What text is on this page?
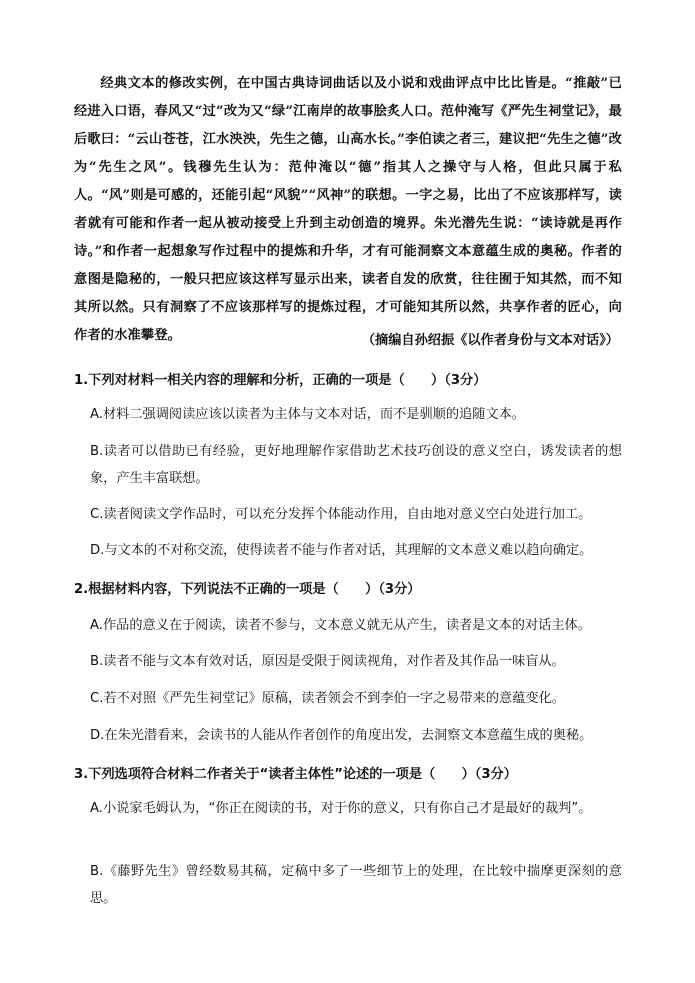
经典文本的修改实例，在中国古典诗词曲话以及小说和戏曲评点中比比皆是。“推敲”已经进入口语，春风又“过”改为又“绿”江南岸的故事脍炙人口。范仲淹写《严先生祠堂记》，最后歌曰：“云山苍苍，江水泱泱，先生之德，山高水长。”李伯读之者三，建议把“先生之德”改为“先生之风”。钱穆先生认为：范仲淹以“德”指其人之操守与人格，但此只属于私人。“风”则是可感的，还能引起“风貌”“风神”的联想。一字之易，比出了不应该那样写，读者就有可能和作者一起从被动接受上升到主动创造的境界。朱光潜先生说：“读诗就是再作诗。”和作者一起想象写作过程中的提炼和升华，才有可能洞察文本意蕴生成的奥秘。作者的意图是隐秘的，一般只把应该这样写显示出来，读者自发的欣赏，往往囿于知其然，而不知其所以然。只有洞察了不应该那样写的提炼过程，才可能知其所以然，共享作者的匠心，向作者的水准攀登。	（摘编自孙绍振《以作者身份与文本对话》）

1.下列对材料一相关内容的理解和分析，正确的一项是（　　）（3分）

A.材料二强调阅读应该以读者为主体与文本对话，而不是驯顺的追随文本。

B.读者可以借助已有经验，更好地理解作家借助艺术技巧创设的意义空白，诱发读者的想象，产生丰富联想。

C.读者阅读文学作品时，可以充分发挥个体能动作用，自由地对意义空白处进行加工。

D.与文本的不对称交流，使得读者不能与作者对话，其理解的文本意义难以趋向确定。

2.根据材料内容，下列说法不正确的一项是（　　）（3分）

A.作品的意义在于阅读，读者不参与，文本意义就无从产生，读者是文本的对话主体。

B.读者不能与文本有效对话，原因是受限于阅读视角，对作者及其作品一味盲从。

C.若不对照《严先生祠堂记》原稿，读者领会不到李伯一字之易带来的意蕴变化。

D.在朱光潜看来，会读书的人能从作者创作的角度出发，去洞察文本意蕴生成的奥秘。

3.下列选项符合材料二作者关于“读者主体性”论述的一项是（　　）（3分）

A.小说家毛姆认为，“你正在阅读的书，对于你的意义，只有你自己才是最好的裁判”。

B.《藤野先生》曾经数易其稿，定稿中多了一些细节上的处理，在比较中揣摩更深刻的意思。
